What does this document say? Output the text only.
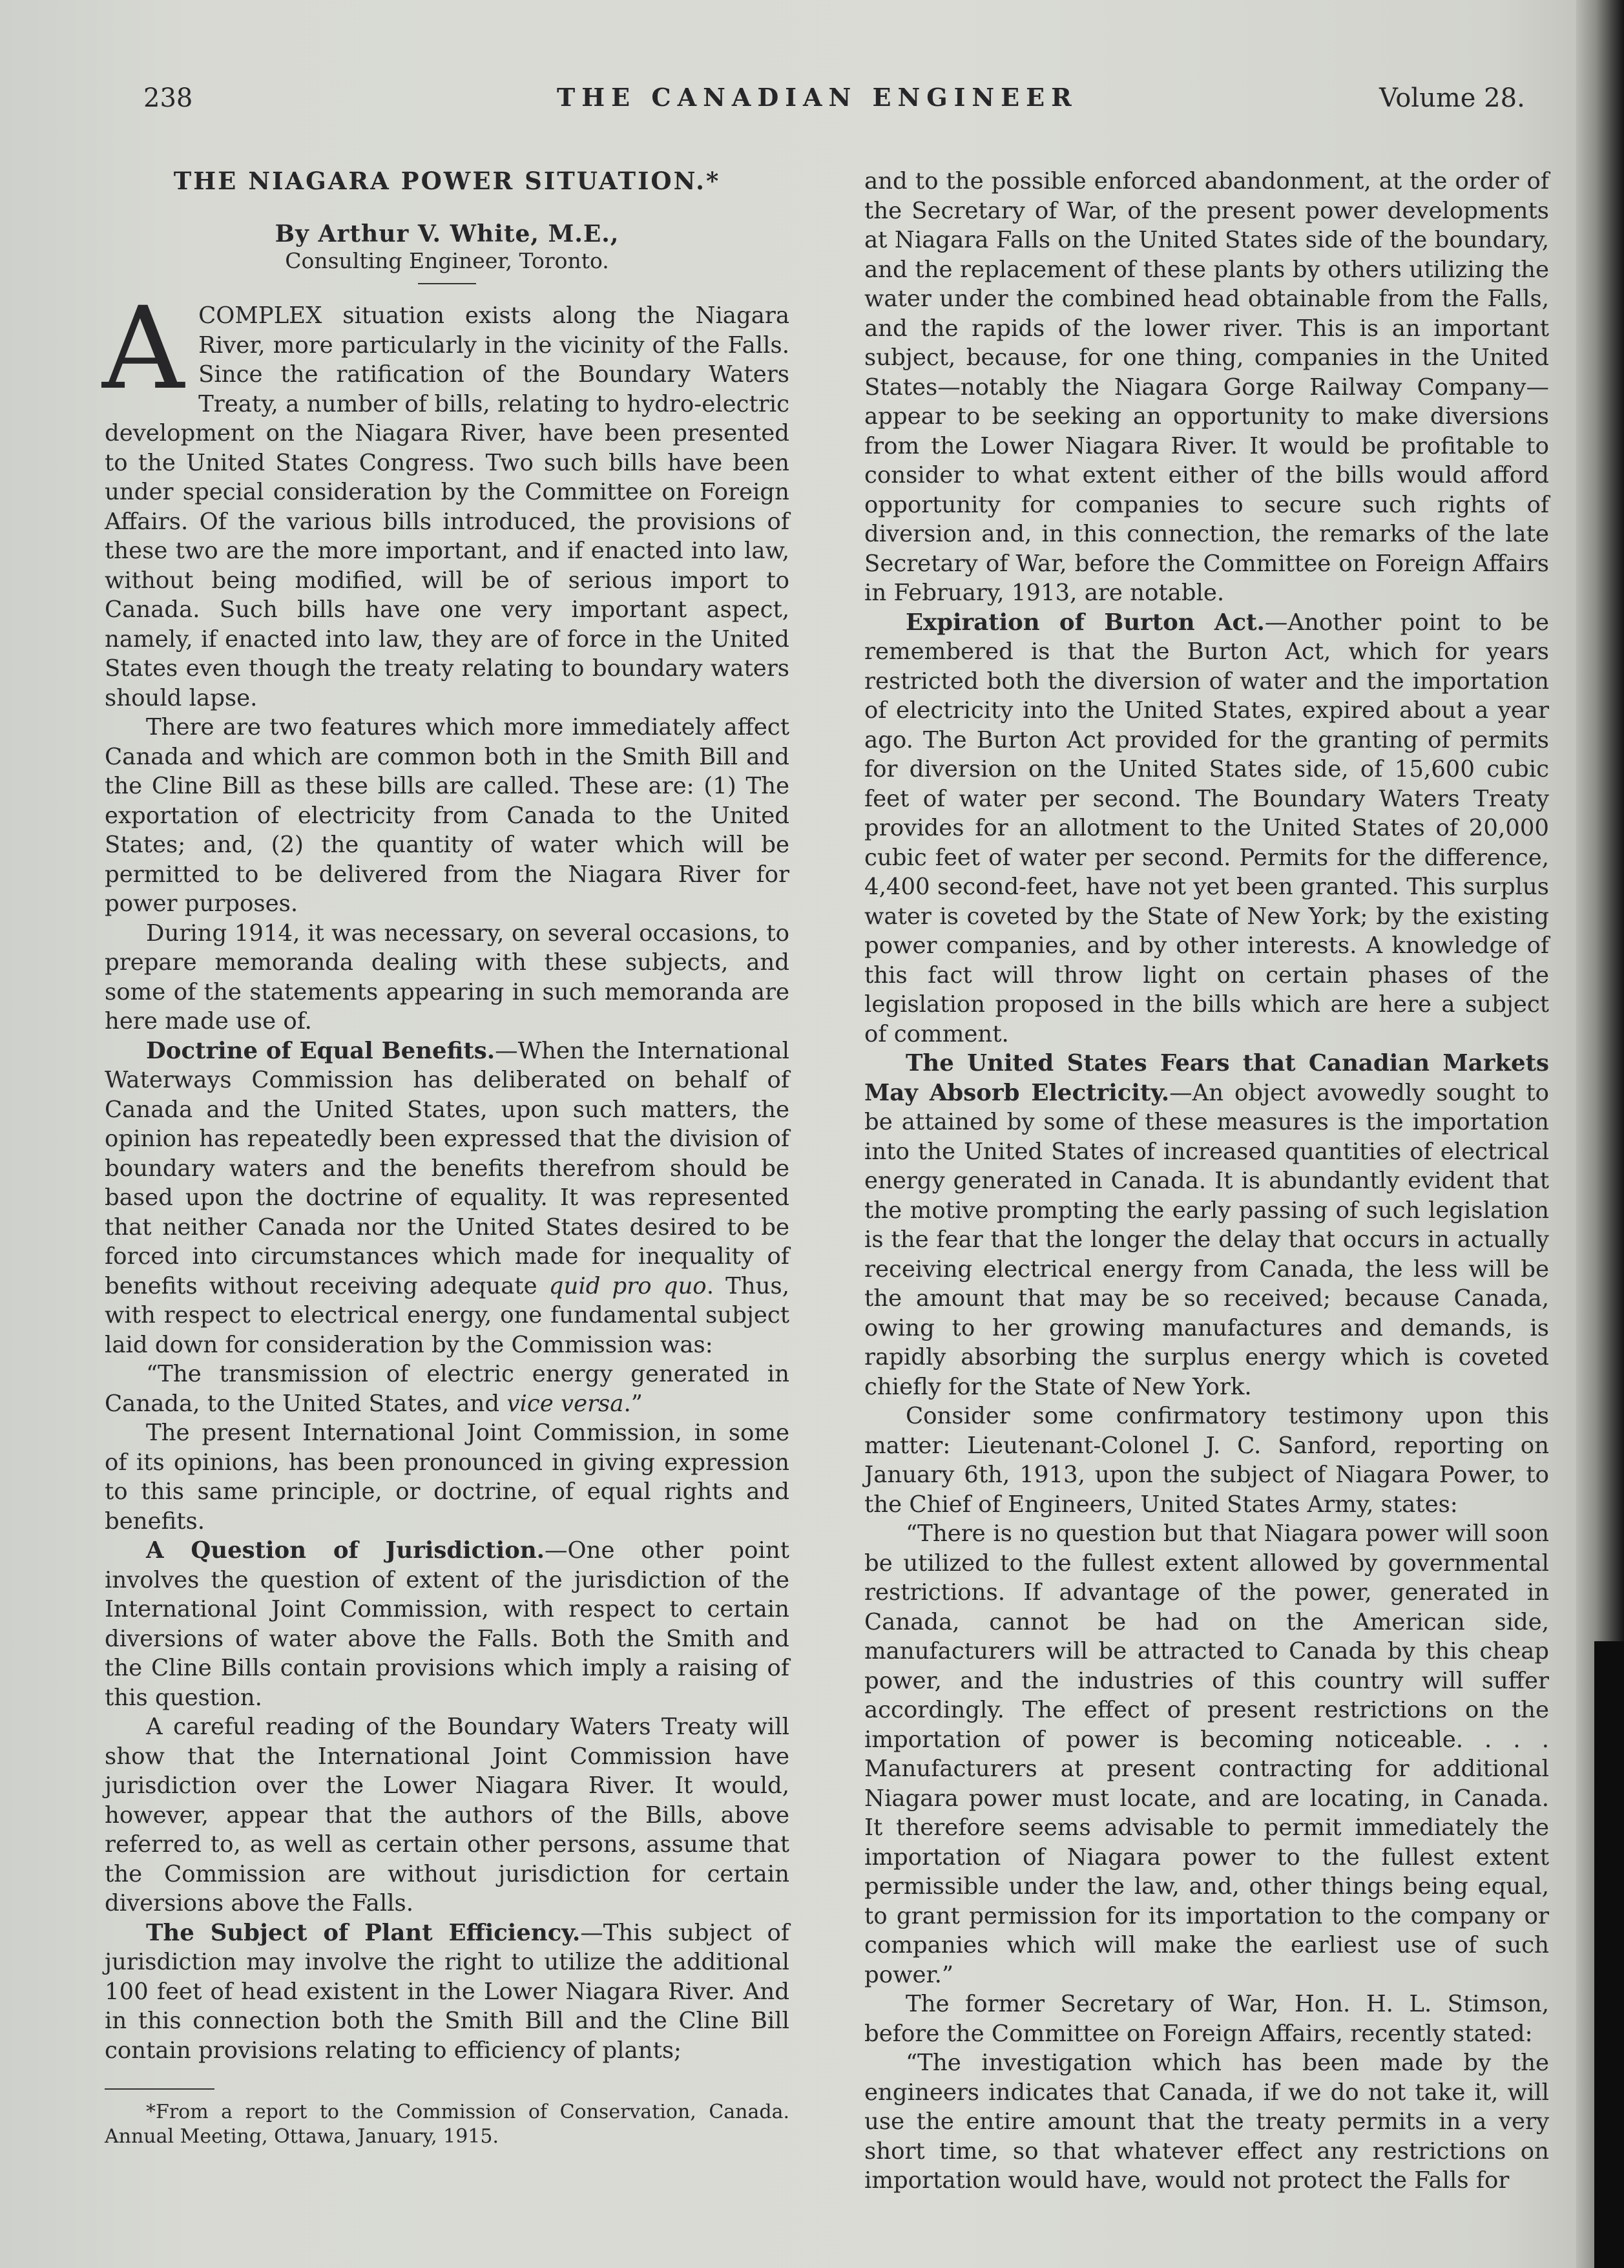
238	THE CANADIAN ENGINEER	Volume 28.
THE NIAGARA POWER SITUATION.*
By Arthur V. White, M.E.,
Consulting Engineer, Toronto.

A COMPLEX situation exists along the Niagara River, more particularly in the vicinity of the Falls. Since the ratification of the Boundary Waters Treaty, a number of bills, relating to hydro-electric development on the Niagara River, have been presented to the United States Congress. Two such bills have been under special consideration by the Committee on Foreign Affairs. Of the various bills introduced, the provisions of these two are the more important, and if enacted into law, without being modified, will be of serious import to Canada. Such bills have one very important aspect, namely, if enacted into law, they are of force in the United States even though the treaty relating to boundary waters should lapse.

There are two features which more immediately affect Canada and which are common both in the Smith Bill and the Cline Bill as these bills are called. These are: (1) The exportation of electricity from Canada to the United States; and, (2) the quantity of water which will be permitted to be delivered from the Niagara River for power purposes.

During 1914, it was necessary, on several occasions, to prepare memoranda dealing with these subjects, and some of the statements appearing in such memoranda are here made use of.

Doctrine of Equal Benefits.—When the International Waterways Commission has deliberated on behalf of Canada and the United States, upon such matters, the opinion has repeatedly been expressed that the division of boundary waters and the benefits therefrom should be based upon the doctrine of equality. It was represented that neither Canada nor the United States desired to be forced into circumstances which made for inequality of benefits without receiving adequate quid pro quo. Thus, with respect to electrical energy, one fundamental subject laid down for consideration by the Commission was:

“The transmission of electric energy generated in Canada, to the United States, and vice versa.”

The present International Joint Commission, in some of its opinions, has been pronounced in giving expression to this same principle, or doctrine, of equal rights and benefits.

A Question of Jurisdiction.—One other point involves the question of extent of the jurisdiction of the International Joint Commission, with respect to certain diversions of water above the Falls. Both the Smith and the Cline Bills contain provisions which imply a raising of this question.

A careful reading of the Boundary Waters Treaty will show that the International Joint Commission have jurisdiction over the Lower Niagara River. It would, however, appear that the authors of the Bills, above referred to, as well as certain other persons, assume that the Commission are without jurisdiction for certain diversions above the Falls.

The Subject of Plant Efficiency.—This subject of jurisdiction may involve the right to utilize the additional 100 feet of head existent in the Lower Niagara River. And in this connection both the Smith Bill and the Cline Bill contain provisions relating to efficiency of plants;

*From a report to the Commission of Conservation, Canada. Annual Meeting, Ottawa, January, 1915.

and to the possible enforced abandonment, at the order of the Secretary of War, of the present power developments at Niagara Falls on the United States side of the boundary, and the replacement of these plants by others utilizing the water under the combined head obtainable from the Falls, and the rapids of the lower river. This is an important subject, because, for one thing, companies in the United States—notably the Niagara Gorge Railway Company—appear to be seeking an opportunity to make diversions from the Lower Niagara River. It would be profitable to consider to what extent either of the bills would afford opportunity for companies to secure such rights of diversion and, in this connection, the remarks of the late Secretary of War, before the Committee on Foreign Affairs in February, 1913, are notable.

Expiration of Burton Act.—Another point to be remembered is that the Burton Act, which for years restricted both the diversion of water and the importation of electricity into the United States, expired about a year ago. The Burton Act provided for the granting of permits for diversion on the United States side, of 15,600 cubic feet of water per second. The Boundary Waters Treaty provides for an allotment to the United States of 20,000 cubic feet of water per second. Permits for the difference, 4,400 second-feet, have not yet been granted. This surplus water is coveted by the State of New York; by the existing power companies, and by other interests. A knowledge of this fact will throw light on certain phases of the legislation proposed in the bills which are here a subject of comment.

The United States Fears that Canadian Markets May Absorb Electricity.—An object avowedly sought to be attained by some of these measures is the importation into the United States of increased quantities of electrical energy generated in Canada. It is abundantly evident that the motive prompting the early passing of such legislation is the fear that the longer the delay that occurs in actually receiving electrical energy from Canada, the less will be the amount that may be so received; because Canada, owing to her growing manufactures and demands, is rapidly absorbing the surplus energy which is coveted chiefly for the State of New York.

Consider some confirmatory testimony upon this matter: Lieutenant-Colonel J. C. Sanford, reporting on January 6th, 1913, upon the subject of Niagara Power, to the Chief of Engineers, United States Army, states:

“There is no question but that Niagara power will soon be utilized to the fullest extent allowed by governmental restrictions. If advantage of the power, generated in Canada, cannot be had on the American side, manufacturers will be attracted to Canada by this cheap power, and the industries of this country will suffer accordingly. The effect of present restrictions on the importation of power is becoming noticeable. . . . Manufacturers at present contracting for additional Niagara power must locate, and are locating, in Canada. It therefore seems advisable to permit immediately the importation of Niagara power to the fullest extent permissible under the law, and, other things being equal, to grant permission for its importation to the company or companies which will make the earliest use of such power.”

The former Secretary of War, Hon. H. L. Stimson, before the Committee on Foreign Affairs, recently stated:

“The investigation which has been made by the engineers indicates that Canada, if we do not take it, will use the entire amount that the treaty permits in a very short time, so that whatever effect any restrictions on importation would have, would not protect the Falls for
